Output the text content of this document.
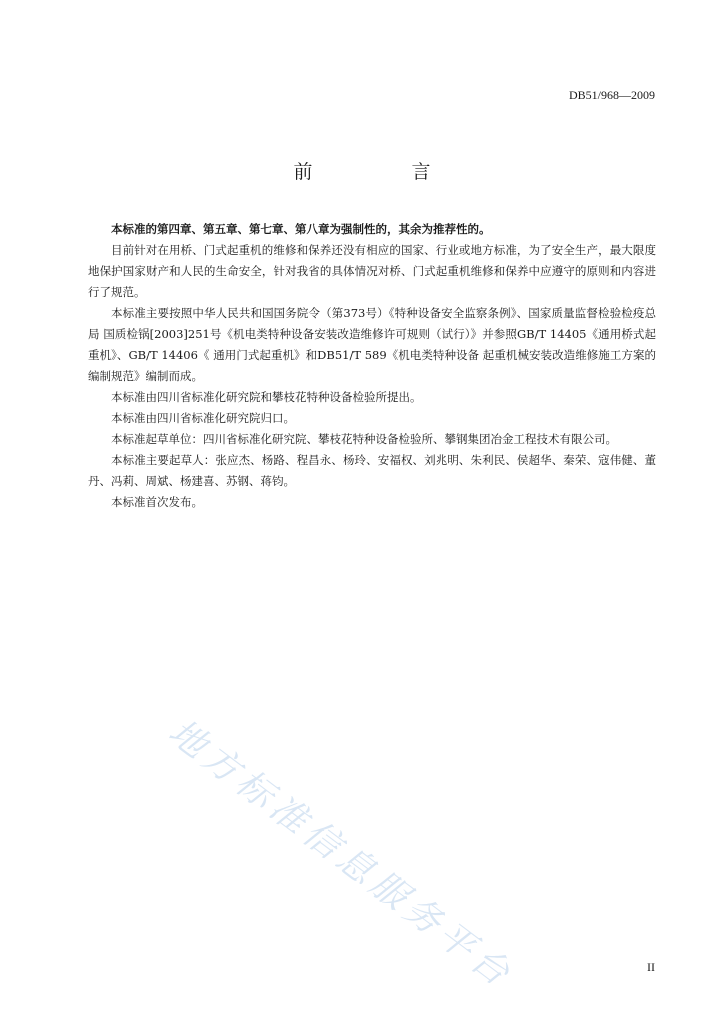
DB51/968—2009
前　言

本标准的第四章、第五章、第七章、第八章为强制性的，其余为推荐性的。

目前针对在用桥、门式起重机的维修和保养还没有相应的国家、行业或地方标准，为了安全生产，最大限度地保护国家财产和人民的生命安全，针对我省的具体情况对桥、门式起重机维修和保养中应遵守的原则和内容进行了规范。

本标准主要按照中华人民共和国国务院令（第373号）《特种设备安全监察条例》、国家质量监督检验检疫总局 国质检锅[2003]251号《机电类特种设备安装改造维修许可规则（试行）》并参照GB/T 14405《通用桥式起重机》、GB/T 14406《 通用门式起重机》和DB51/T 589《机电类特种设备 起重机械安装改造维修施工方案的编制规范》编制而成。

本标准由四川省标准化研究院和攀枝花特种设备检验所提出。

本标准由四川省标准化研究院归口。

本标准起草单位：四川省标准化研究院、攀枝花特种设备检验所、攀钢集团冶金工程技术有限公司。

本标准主要起草人：张应杰、杨路、程昌永、杨玲、安福权、刘兆明、朱利民、侯超华、秦荣、寇伟健、董丹、冯莉、周斌、杨建喜、苏钢、蒋钧。

本标准首次发布。

地方标准信息服务平台	II
